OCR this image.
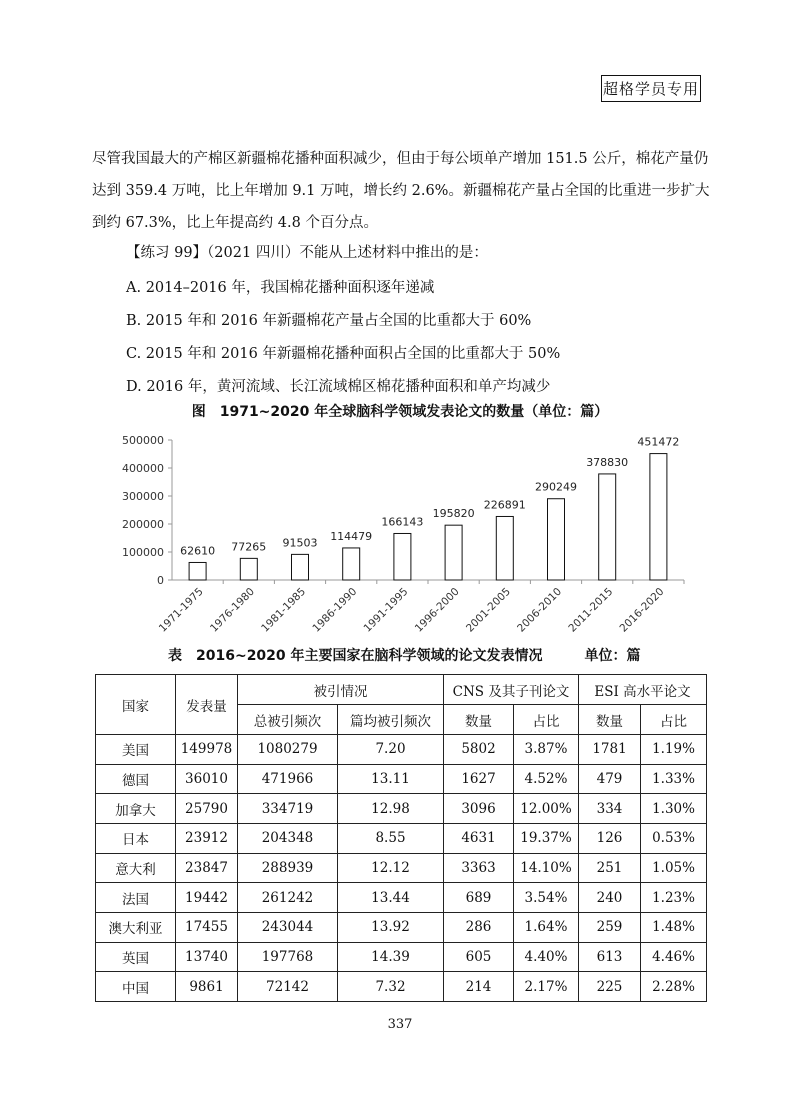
超格学员专用

尽管我国最大的产棉区新疆棉花播种面积减少，但由于每公顷单产增加 151.5 公斤，棉花产量仍达到 359.4 万吨，比上年增加 9.1 万吨，增长约 2.6%。新疆棉花产量占全国的比重进一步扩大到约 67.3%，比上年提高约 4.8 个百分点。

【练习 99】（2021 四川）不能从上述材料中推出的是：
A. 2014–2016 年，我国棉花播种面积逐年递减
B. 2015 年和 2016 年新疆棉花产量占全国的比重都大于 60%
C. 2015 年和 2016 年新疆棉花播种面积占全国的比重都大于 50%
D. 2016 年，黄河流域、长江流域棉区棉花播种面积和单产均减少
图　1971~2020 年全球脑科学领域发表论文的数量（单位：篇）
0
100000
200000
300000
400000
500000
62610
1971-1975
77265
1976-1980
91503
1981-1985
114479
1986-1990
166143
1991-1995
195820
1996-2000
226891
2001-2005
290249
2006-2010
378830
2011-2015
451472
2016-2020
表　2016~2020 年主要国家在脑科学领域的论文发表情况	单位：篇
国家	发表量	被引情况		CNS 及其子刊论文		ESI 高水平论文	
		总被引频次	篇均被引频次	数量	占比	数量	占比
美国	149978	1080279	7.20	5802	3.87%	1781	1.19%
德国	36010	471966	13.11	1627	4.52%	479	1.33%
加拿大	25790	334719	12.98	3096	12.00%	334	1.30%
日本	23912	204348	8.55	4631	19.37%	126	0.53%
意大利	23847	288939	12.12	3363	14.10%	251	1.05%
法国	19442	261242	13.44	689	3.54%	240	1.23%
澳大利亚	17455	243044	13.92	286	1.64%	259	1.48%
英国	13740	197768	14.39	605	4.40%	613	4.46%
中国	9861	72142	7.32	214	2.17%	225	2.28%
337
